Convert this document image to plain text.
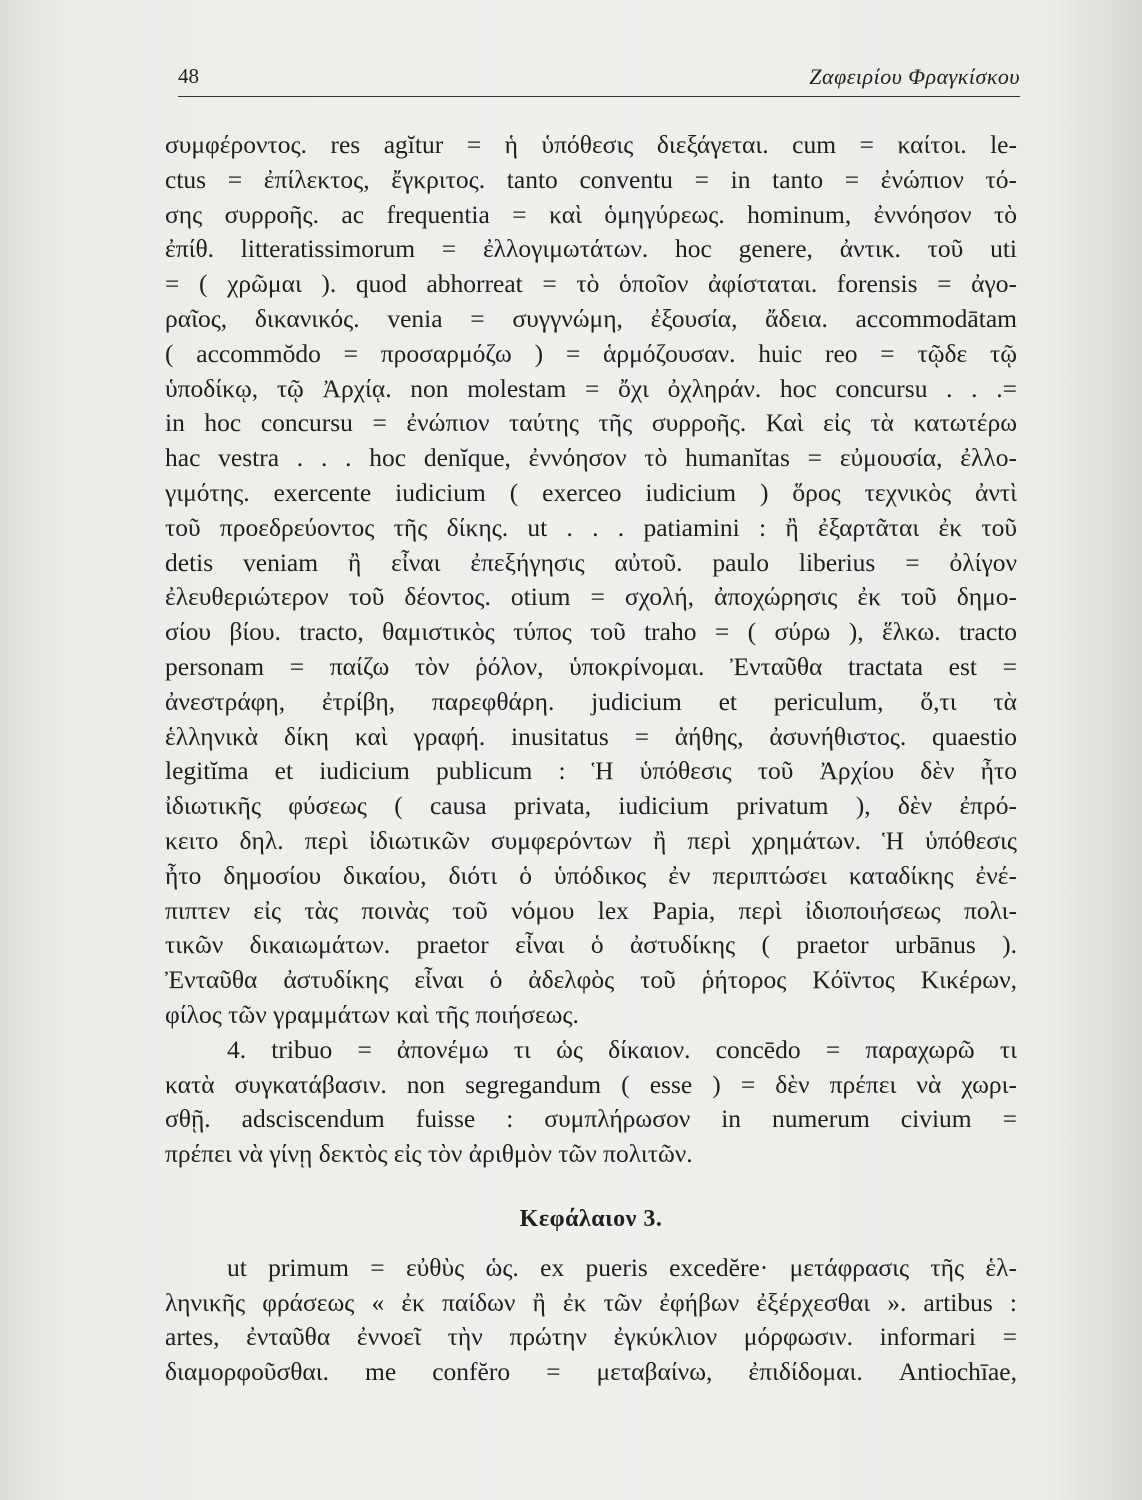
48	Ζαφειρίου Φραγκίσκου
συμφέροντος. res agĭtur = ἡ ὑπόθεσις διεξάγεται. cum = καίτοι. le-
ctus = ἐπίλεκτος, ἔγκριτος. tanto conventu = in tanto = ἐνώπιον τό-
σης συρροῆς. ac frequentia = καὶ ὁμηγύρεως. hominum, ἐννόησον τὸ
ἐπίθ. litteratissimorum = ἐλλογιμωτάτων. hoc genere, ἀντικ. τοῦ uti
= ( χρῶμαι ). quod abhorreat = τὸ ὁποῖον ἀφίσταται. forensis = ἀγο-
ραῖος, δικανικός. venia = συγγνώμη, ἐξουσία, ἄδεια. accommodātam
( accommŏdo = προσαρμόζω ) = ἁρμόζουσαν. huic reo = τῷδε τῷ
ὑποδίκῳ, τῷ Ἀρχίᾳ. non molestam = ὄχι ὀχληράν. hoc concursu . . .=
in hoc concursu = ἐνώπιον ταύτης τῆς συρροῆς. Καὶ εἰς τὰ κατωτέρω
hac vestra . . . hoc denĭque, ἐννόησον τὸ humanĭtas = εὐμουσία, ἐλλο-
γιμότης. exercente iudicium ( exerceo iudicium ) ὅρος τεχνικὸς ἀντὶ
τοῦ προεδρεύοντος τῆς δίκης. ut . . . patiamini : ἢ ἐξαρτᾶται ἐκ τοῦ
detis veniam ἢ εἶναι ἐπεξήγησις αὐτοῦ. paulo liberius = ὀλίγον
ἐλευθεριώτερον τοῦ δέοντος. otium = σχολή, ἀποχώρησις ἐκ τοῦ δημο-
σίου βίου. tracto, θαμιστικὸς τύπος τοῦ traho = ( σύρω ), ἕλκω. tracto
personam = παίζω τὸν ῥόλον, ὑποκρίνομαι. Ἐνταῦθα tractata est =
ἀνεστράφη, ἐτρίβη, παρεφθάρη. judicium et periculum, ὅ,τι τὰ
ἑλληνικὰ δίκη καὶ γραφή. inusitatus = ἀήθης, ἀσυνήθιστος. quaestio
legitĭma et iudicium publicum : Ἡ ὑπόθεσις τοῦ Ἀρχίου δὲν ἦτο
ἰδιωτικῆς φύσεως ( causa privata, iudicium privatum ), δὲν ἐπρό-
κειτο δηλ. περὶ ἰδιωτικῶν συμφερόντων ἢ περὶ χρημάτων. Ἡ ὑπόθεσις
ἦτο δημοσίου δικαίου, διότι ὁ ὑπόδικος ἐν περιπτώσει καταδίκης ἐνέ-
πιπτεν εἰς τὰς ποινὰς τοῦ νόμου lex Papia, περὶ ἰδιοποιήσεως πολι-
τικῶν δικαιωμάτων. praetor εἶναι ὁ ἀστυδίκης ( praetor urbānus ).
Ἐνταῦθα ἀστυδίκης εἶναι ὁ ἀδελφὸς τοῦ ῥήτορος Κόϊντος Κικέρων,
φίλος τῶν γραμμάτων καὶ τῆς ποιήσεως.
4. tribuo = ἀπονέμω τι ὡς δίκαιον. concēdo = παραχωρῶ τι
κατὰ συγκατάβασιν. non segregandum ( esse ) = δὲν πρέπει νὰ χωρι-
σθῇ. adsciscendum fuisse : συμπλήρωσον in numerum civium =
πρέπει νὰ γίνῃ δεκτὸς εἰς τὸν ἀριθμὸν τῶν πολιτῶν.
Κεφάλαιον 3.
ut primum = εὐθὺς ὡς. ex pueris excedĕre· μετάφρασις τῆς ἑλ-
ληνικῆς φράσεως « ἐκ παίδων ἢ ἐκ τῶν ἐφήβων ἐξέρχεσθαι ». artibus :
artes, ἐνταῦθα ἐννοεῖ τὴν πρώτην ἐγκύκλιον μόρφωσιν. informari =
διαμορφοῦσθαι. me confĕro = μεταβαίνω, ἐπιδίδομαι. Antiochīae,
